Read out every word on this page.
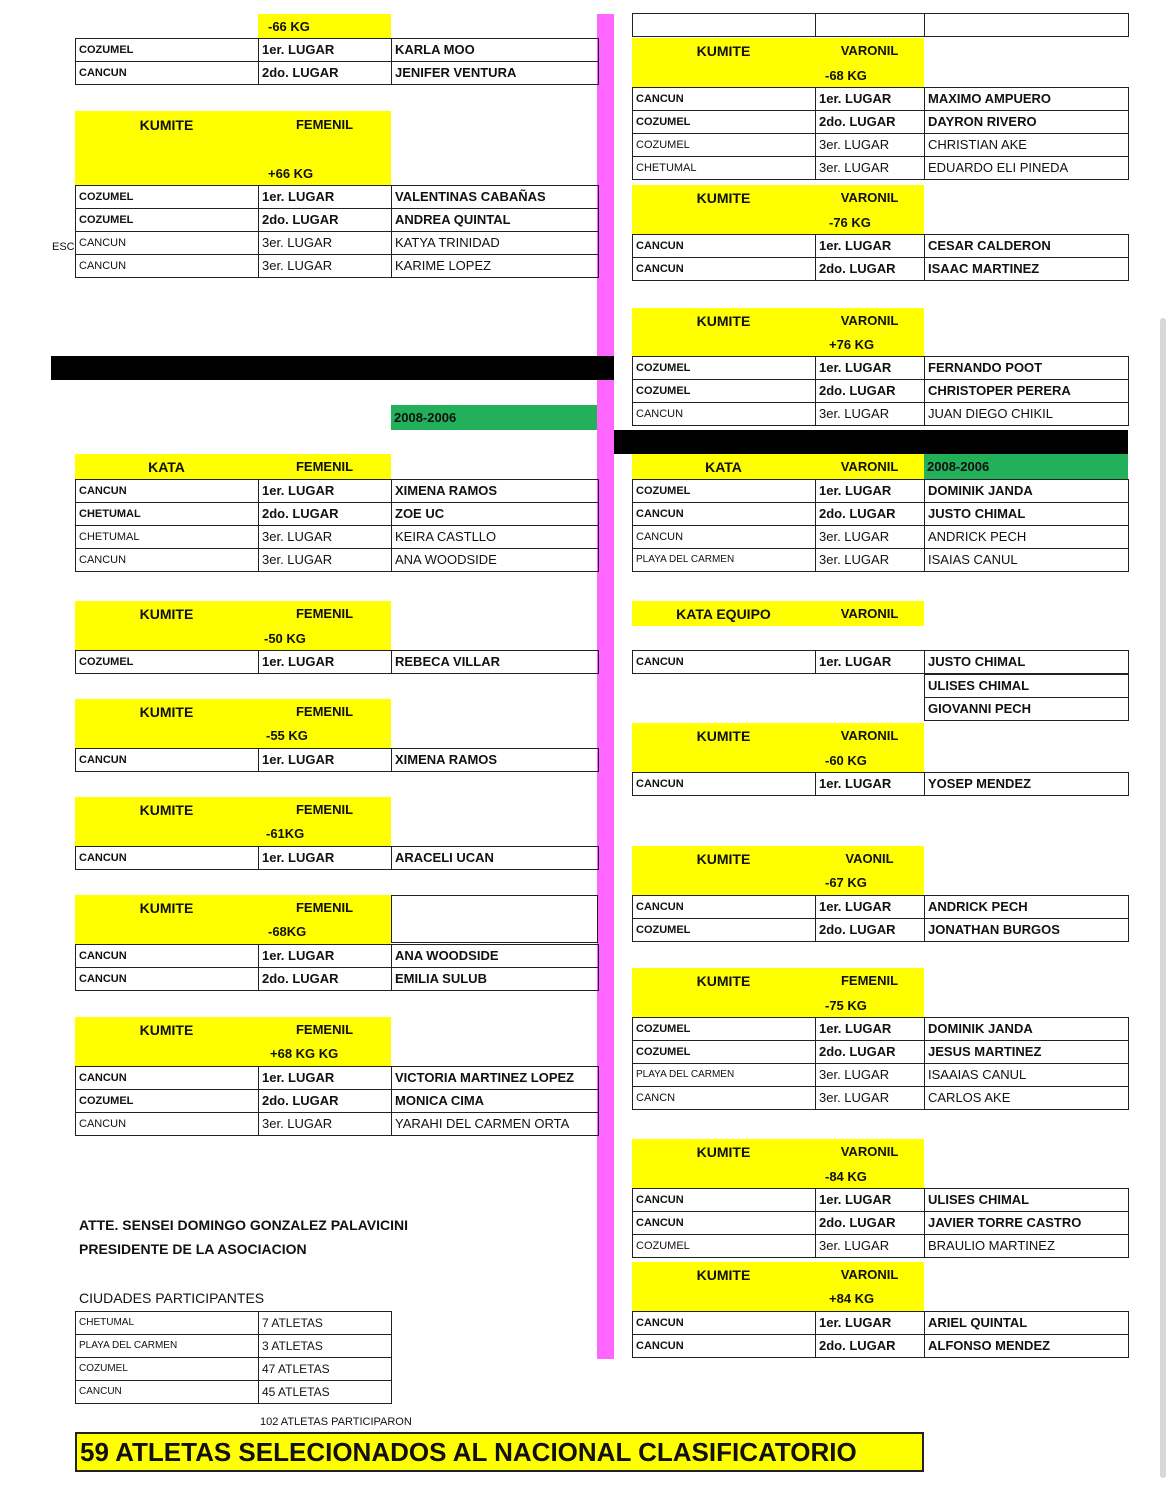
-66 KG
COZUMEL	1er. LUGAR	KARLA MOO
CANCUN	2do. LUGAR	JENIFER VENTURA
KUMITE	FEMENIL
+66 KG
ESC
COZUMEL	1er. LUGAR	VALENTINAS CABAÑAS
COZUMEL	2do. LUGAR	ANDREA QUINTAL
CANCUN	3er. LUGAR	KATYA TRINIDAD
CANCUN	3er. LUGAR	KARIME LOPEZ
2008-2006
KATA	FEMENIL
CANCUN	1er. LUGAR	XIMENA RAMOS
CHETUMAL	2do. LUGAR	ZOE UC
CHETUMAL	3er. LUGAR	KEIRA CASTLLO
CANCUN	3er. LUGAR	ANA WOODSIDE
KUMITE	FEMENIL
-50 KG
COZUMEL	1er. LUGAR	REBECA VILLAR
KUMITE	FEMENIL
-55 KG
CANCUN	1er. LUGAR	XIMENA RAMOS
KUMITE	FEMENIL
-61KG
CANCUN	1er. LUGAR	ARACELI UCAN
KUMITE	FEMENIL
-68KG
CANCUN	1er. LUGAR	ANA WOODSIDE
CANCUN	2do. LUGAR	EMILIA SULUB
KUMITE	FEMENIL
+68 KG KG
CANCUN	1er. LUGAR	VICTORIA MARTINEZ LOPEZ
COZUMEL	2do. LUGAR	MONICA CIMA
CANCUN	3er. LUGAR	YARAHI DEL CARMEN ORTA
ATTE. SENSEI DOMINGO GONZALEZ PALAVICINI
PRESIDENTE DE LA ASOCIACION
CIUDADES PARTICIPANTES
CHETUMAL	7 ATLETAS
PLAYA DEL CARMEN	3 ATLETAS
COZUMEL	47 ATLETAS
CANCUN	45 ATLETAS
102 ATLETAS PARTICIPARON
59 ATLETAS SELECIONADOS AL NACIONAL CLASIFICATORIO

KUMITE	VARONIL
-68 KG
CANCUN	1er. LUGAR	MAXIMO AMPUERO
COZUMEL	2do. LUGAR	DAYRON RIVERO
COZUMEL	3er. LUGAR	CHRISTIAN AKE
CHETUMAL	3er. LUGAR	EDUARDO ELI PINEDA
KUMITE	VARONIL
-76 KG
CANCUN	1er. LUGAR	CESAR CALDERON
CANCUN	2do. LUGAR	ISAAC MARTINEZ
KUMITE	VARONIL
+76 KG
COZUMEL	1er. LUGAR	FERNANDO POOT
COZUMEL	2do. LUGAR	CHRISTOPER PERERA
CANCUN	3er. LUGAR	JUAN DIEGO CHIKIL
KATA	VARONIL	2008-2006
COZUMEL	1er. LUGAR	DOMINIK JANDA
CANCUN	2do. LUGAR	JUSTO CHIMAL
CANCUN	3er. LUGAR	ANDRICK PECH
PLAYA DEL CARMEN	3er. LUGAR	ISAIAS CANUL
KATA EQUIPO	VARONIL
CANCUN	1er. LUGAR	JUSTO CHIMAL
ULISES CHIMAL
GIOVANNI PECH
KUMITE	VARONIL
-60 KG
CANCUN	1er. LUGAR	YOSEP MENDEZ
KUMITE	VAONIL
-67 KG
CANCUN	1er. LUGAR	ANDRICK PECH
COZUMEL	2do. LUGAR	JONATHAN BURGOS
KUMITE	FEMENIL
-75 KG
COZUMEL	1er. LUGAR	DOMINIK JANDA
COZUMEL	2do. LUGAR	JESUS MARTINEZ
PLAYA DEL CARMEN	3er. LUGAR	ISAAIAS CANUL
CANCN	3er. LUGAR	CARLOS AKE
KUMITE	VARONIL
-84 KG
CANCUN	1er. LUGAR	ULISES CHIMAL
CANCUN	2do. LUGAR	JAVIER TORRE CASTRO
COZUMEL	3er. LUGAR	BRAULIO MARTINEZ
KUMITE	VARONIL
+84 KG
CANCUN	1er. LUGAR	ARIEL QUINTAL
CANCUN	2do. LUGAR	ALFONSO MENDEZ
